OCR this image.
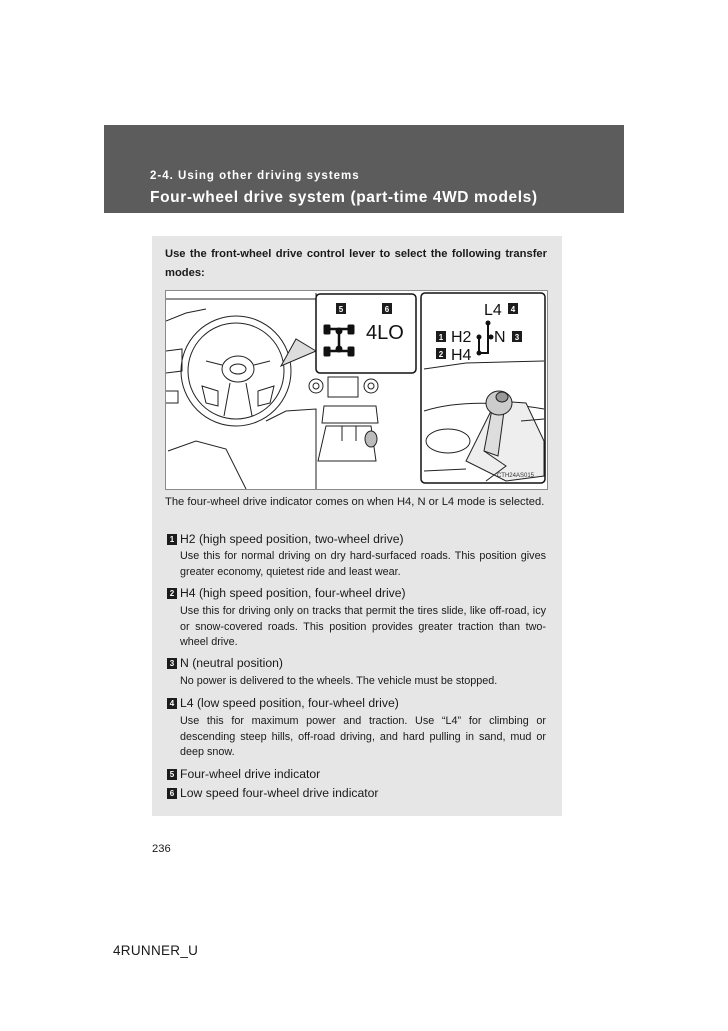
2-4. Using other driving systems
Four-wheel drive system (part-time 4WD models)

Use the front-wheel drive control lever to select the following transfer modes:

5	6
4LO
L4 4
1
2
H2
H4
N 3
CTH24AS015

The four-wheel drive indicator comes on when H4, N or L4 mode is selected.

1 H2 (high speed position, two-wheel drive)

Use this for normal driving on dry hard-surfaced roads. This position gives greater economy, quietest ride and least wear.

2 H4 (high speed position, four-wheel drive)

Use this for driving only on tracks that permit the tires slide, like off-road, icy or snow-covered roads. This position provides greater traction than two-wheel drive.

3 N (neutral position)

No power is delivered to the wheels. The vehicle must be stopped.

4 L4 (low speed position, four-wheel drive)

Use this for maximum power and traction. Use “L4” for climbing or descending steep hills, off-road driving, and hard pulling in sand, mud or deep snow.

5 Four-wheel drive indicator
6 Low speed four-wheel drive indicator
236
4RUNNER_U
